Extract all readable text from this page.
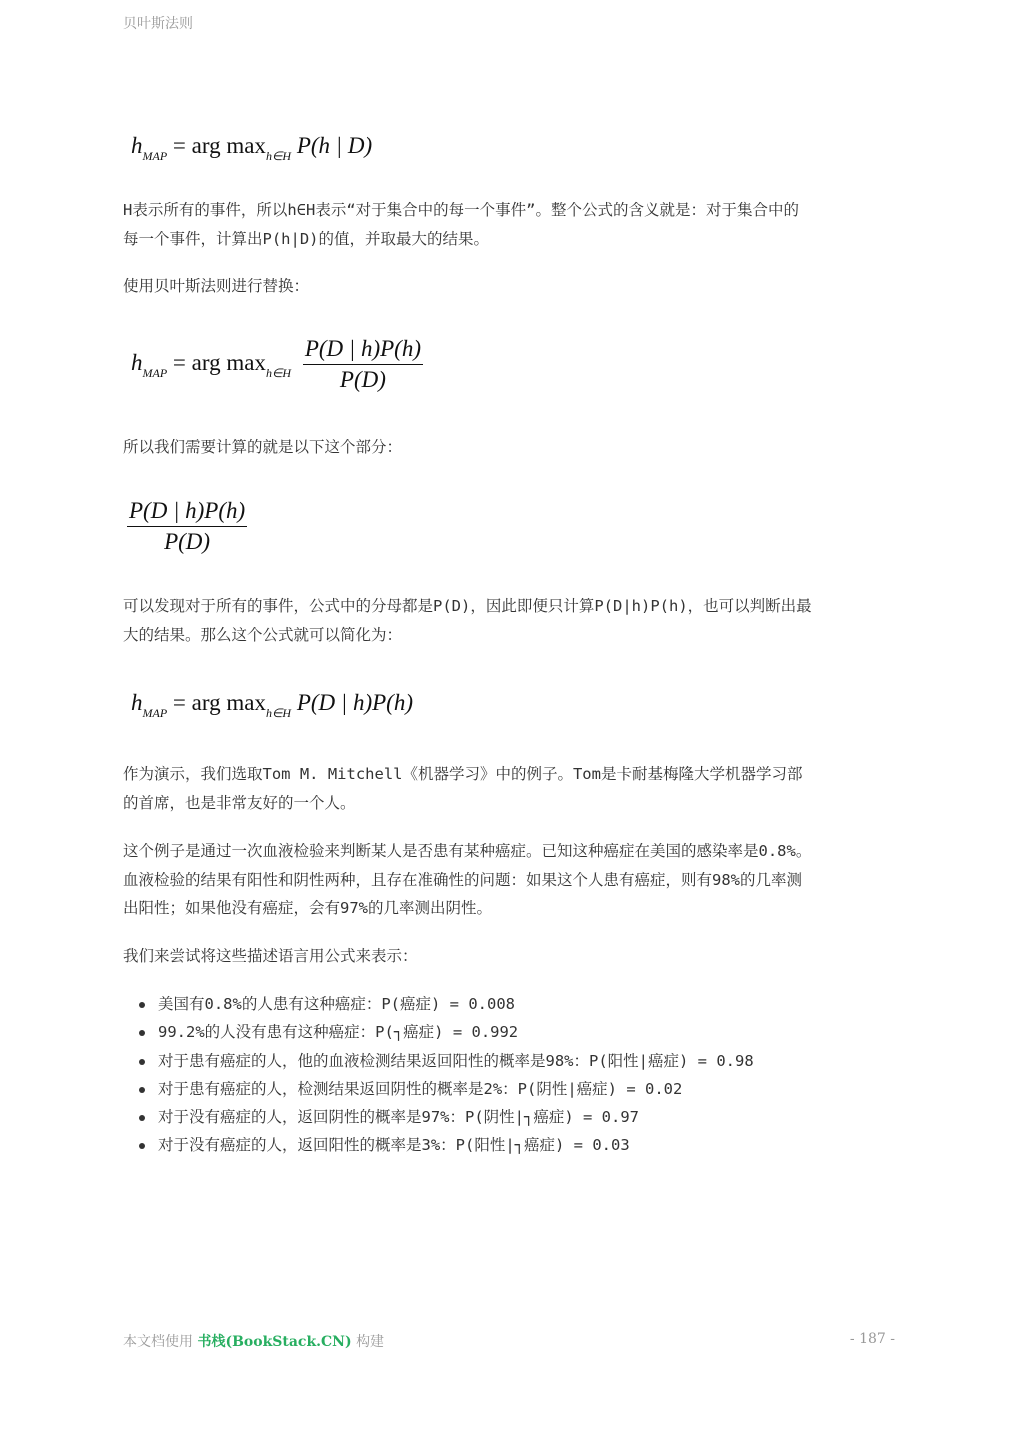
贝叶斯法则
$h_{MAP}$ = arg $\max_{h\in H} P(h$ | D)
H表示所有的事件，所以h∈H表示“对于集合中的每一个事件”。整个公式的含义就是：对于集合中的
每一个事件，计算出P(h|D)的值，并取最大的结果。
使用贝叶斯法则进行替换：
$h_{MAP}$ = arg $\max_{h\in H} \frac{P(D | h)P(h)}{P(D)}$
所以我们需要计算的就是以下这个部分：
$\frac{P(D | h)P(h)}{P(D)}$
可以发现对于所有的事件，公式中的分母都是P(D)，因此即便只计算P(D|h)P(h)，也可以判断出最
大的结果。那么这个公式就可以简化为：
$h_{MAP}$ = arg $\max_{h\in H} P(D$ | h)P(h)
作为演示，我们选取Tom M. Mitchell《机器学习》中的例子。Tom是卡耐基梅隆大学机器学习部
的首席，也是非常友好的一个人。
这个例子是通过一次血液检验来判断某人是否患有某种癌症。已知这种癌症在美国的感染率是0.8%。
血液检验的结果有阳性和阴性两种，且存在准确性的问题：如果这个人患有癌症，则有98%的几率测
出阳性；如果他没有癌症，会有97%的几率测出阴性。
我们来尝试将这些描述语言用公式来表示：
美国有0.8%的人患有这种癌症：P(癌症) = 0.008
99.2%的人没有患有这种癌症：P(┐癌症) = 0.992
对于患有癌症的人，他的血液检测结果返回阳性的概率是98%：P(阳性|癌症) = 0.98
对于患有癌症的人，检测结果返回阴性的概率是2%：P(阴性|癌症) = 0.02
对于没有癌症的人，返回阴性的概率是97%：P(阴性|┐癌症) = 0.97
对于没有癌症的人，返回阳性的概率是3%：P(阳性|┐癌症) = 0.03
本文档使用 书栈(BookStack.CN) 构建	- 187 -
